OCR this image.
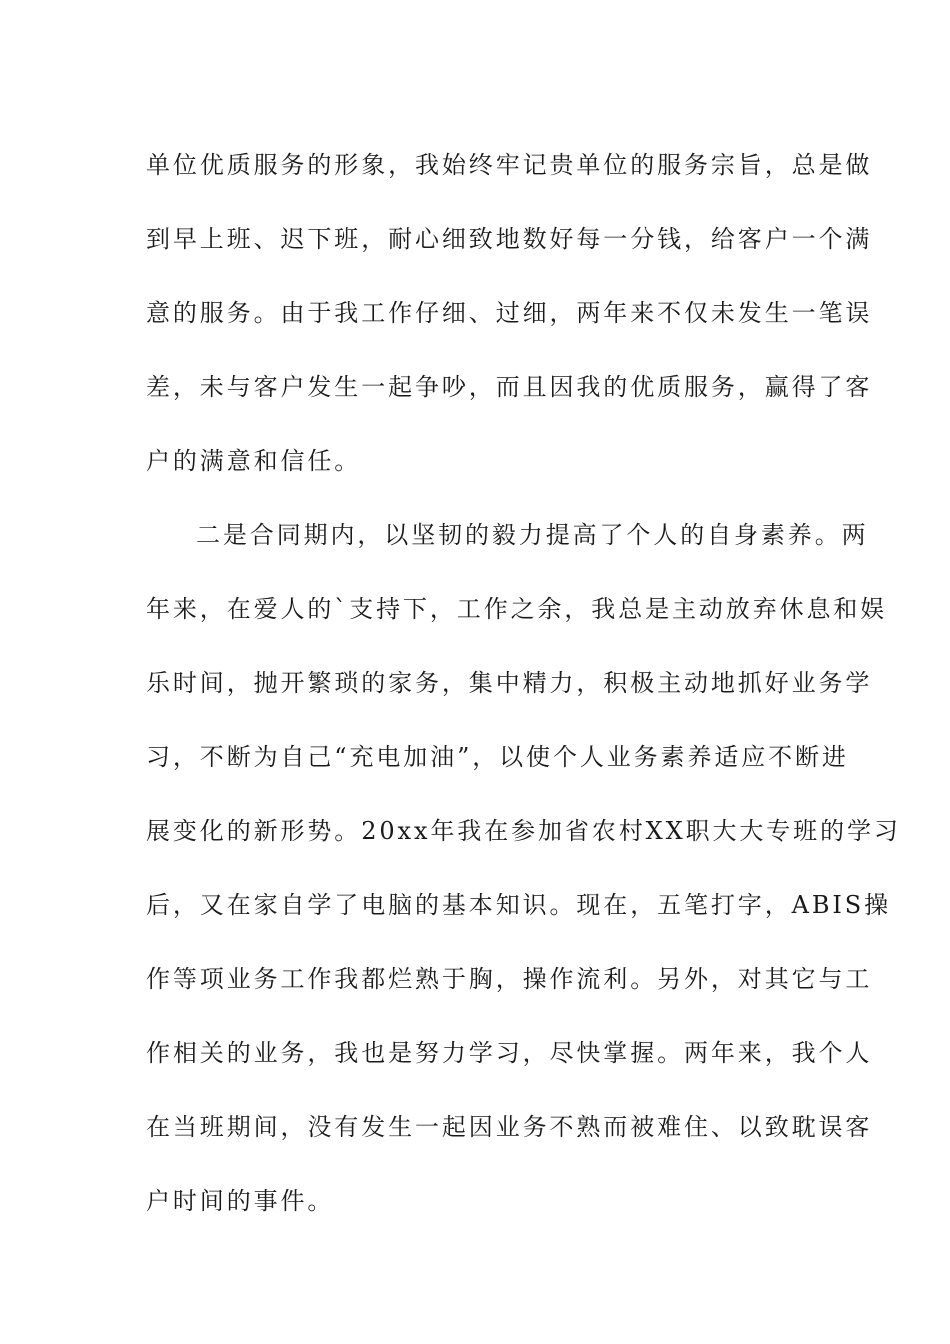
单位优质服务的形象，我始终牢记贵单位的服务宗旨，总是做
到早上班、迟下班，耐心细致地数好每一分钱，给客户一个满
意的服务。由于我工作仔细、过细，两年来不仅未发生一笔误
差，未与客户发生一起争吵，而且因我的优质服务，赢得了客
户的满意和信任。
二是合同期内，以坚韧的毅力提高了个人的自身素养。两
年来，在爱人的`支持下，工作之余，我总是主动放弃休息和娱
乐时间，抛开繁琐的家务，集中精力，积极主动地抓好业务学
习，不断为自己“充电加油”，以使个人业务素养适应不断进
展变化的新形势。20xx年我在参加省农村XX职大大专班的学习
后，又在家自学了电脑的基本知识。现在，五笔打字，ABIS操
作等项业务工作我都烂熟于胸，操作流利。另外，对其它与工
作相关的业务，我也是努力学习，尽快掌握。两年来，我个人
在当班期间，没有发生一起因业务不熟而被难住、以致耽误客
户时间的事件。
